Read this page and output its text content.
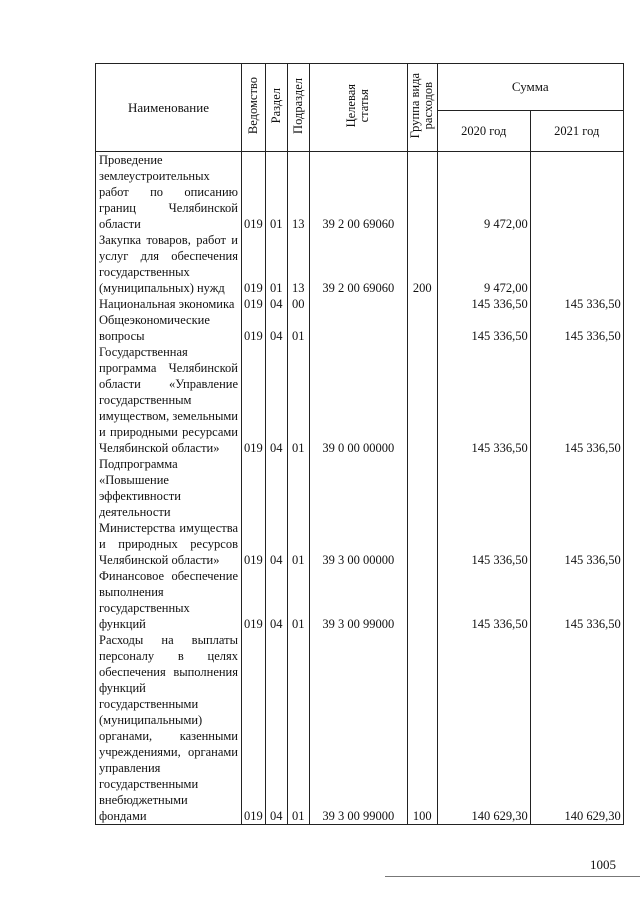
Наименование	Ведомство	Раздел	Подраздел	Целевая
статья	Группа вида
расходов	Сумма	
						2020 год	2021 год
Проведение землеустроительных работ по описанию границ Челябинской области	019	01	13	39 2 00 69060		9 472,00	
Закупка товаров, работ и услуг для обеспечения государственных (муниципальных) нужд	019	01	13	39 2 00 69060	200	9 472,00	
Национальная экономика	019	04	00			145 336,50	145 336,50
Общеэкономические вопросы	019	04	01			145 336,50	145 336,50
Государственная программа Челябинской области «Управление государственным имуществом, земельными и природными ресурсами Челябинской области»	019	04	01	39 0 00 00000		145 336,50	145 336,50
Подпрограмма «Повышение эффективности деятельности Министерства имущества и природных ресурсов Челябинской области»	019	04	01	39 3 00 00000		145 336,50	145 336,50
Финансовое обеспечение выполнения государственных функций	019	04	01	39 3 00 99000		145 336,50	145 336,50
Расходы на выплаты персоналу в целях обеспечения выполнения функций государственными (муниципальными) органами, казенными учреждениями, органами управления государственными внебюджетными фондами	019	04	01	39 3 00 99000	100	140 629,30	140 629,30
1005
